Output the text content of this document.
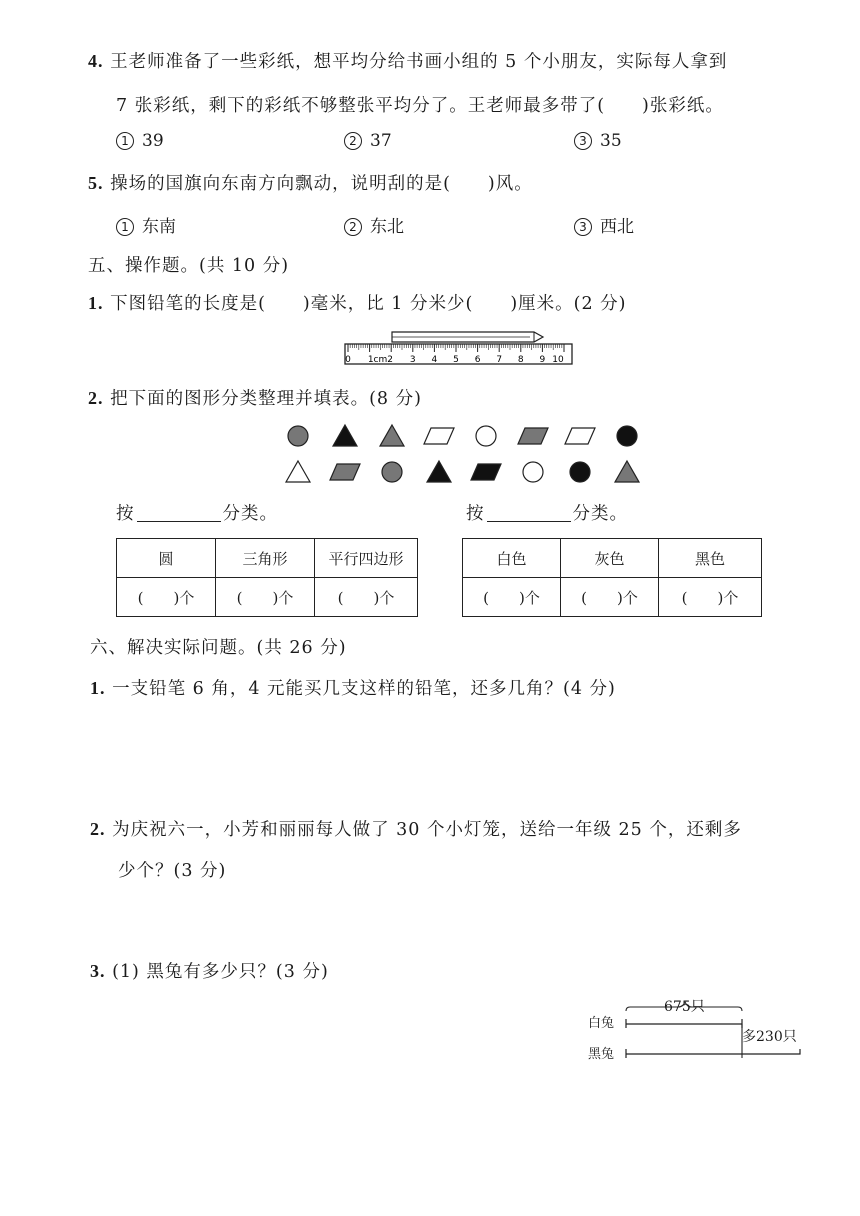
4. 王老师准备了一些彩纸，想平均分给书画小组的 5 个小朋友，实际每人拿到
7 张彩纸，剩下的彩纸不够整张平均分了。王老师最多带了(　　)张彩纸。
1 39	2 37	3 35
5. 操场的国旗向东南方向飘动，说明刮的是(　　)风。
1 东南	2 东北	3 西北
五、操作题。(共 10 分)
1. 下图铅笔的长度是(　　)毫米，比 1 分米少(　　)厘米。(2 分)
0 1cm2 3 4 5 6 7 8 9 10
2. 把下面的图形分类整理并填表。(8 分)
按	分类。	按	分类。
圆	三角形	平行四边形
(　　)个	(　　)个	(　　)个
白色	灰色	黑色
(　　)个	(　　)个	(　　)个
六、解决实际问题。(共 26 分)
1. 一支铅笔 6 角，4 元能买几支这样的铅笔，还多几角？(4 分)
2. 为庆祝六一，小芳和丽丽每人做了 30 个小灯笼，送给一年级 25 个，还剩多
少个？(3 分)
3. (1) 黑兔有多少只？(3 分)
675只
白兔
黑兔
多230只
